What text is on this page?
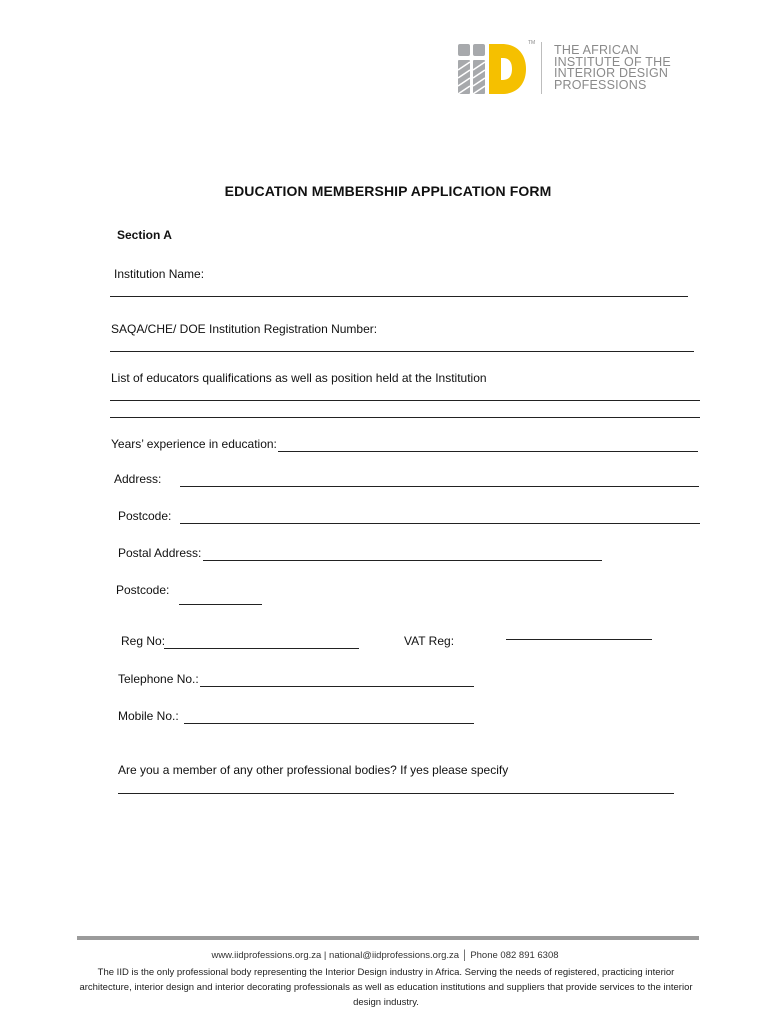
TM THE AFRICAN
INSTITUTE OF THE
INTERIOR DESIGN
PROFESSIONS
EDUCATION MEMBERSHIP APPLICATION FORM
Section A
Institution Name:
SAQA/CHE/ DOE Institution Registration Number:
List of educators qualifications as well as position held at the Institution
Years’ experience in education:
Address:
Postcode:
Postal Address:
Postcode:
Reg No:	VAT Reg:
Telephone No.:
Mobile No.:
Are you a member of any other professional bodies? If yes please specify
www.iidprofessions.org.za | national@iidprofessions.org.za │ Phone 082 891 6308
The IID is the only professional body representing the Interior Design industry in Africa. Serving the needs of registered, practicing interior architecture, interior design and interior decorating professionals as well as education institutions and suppliers that provide services to the interior design industry.
